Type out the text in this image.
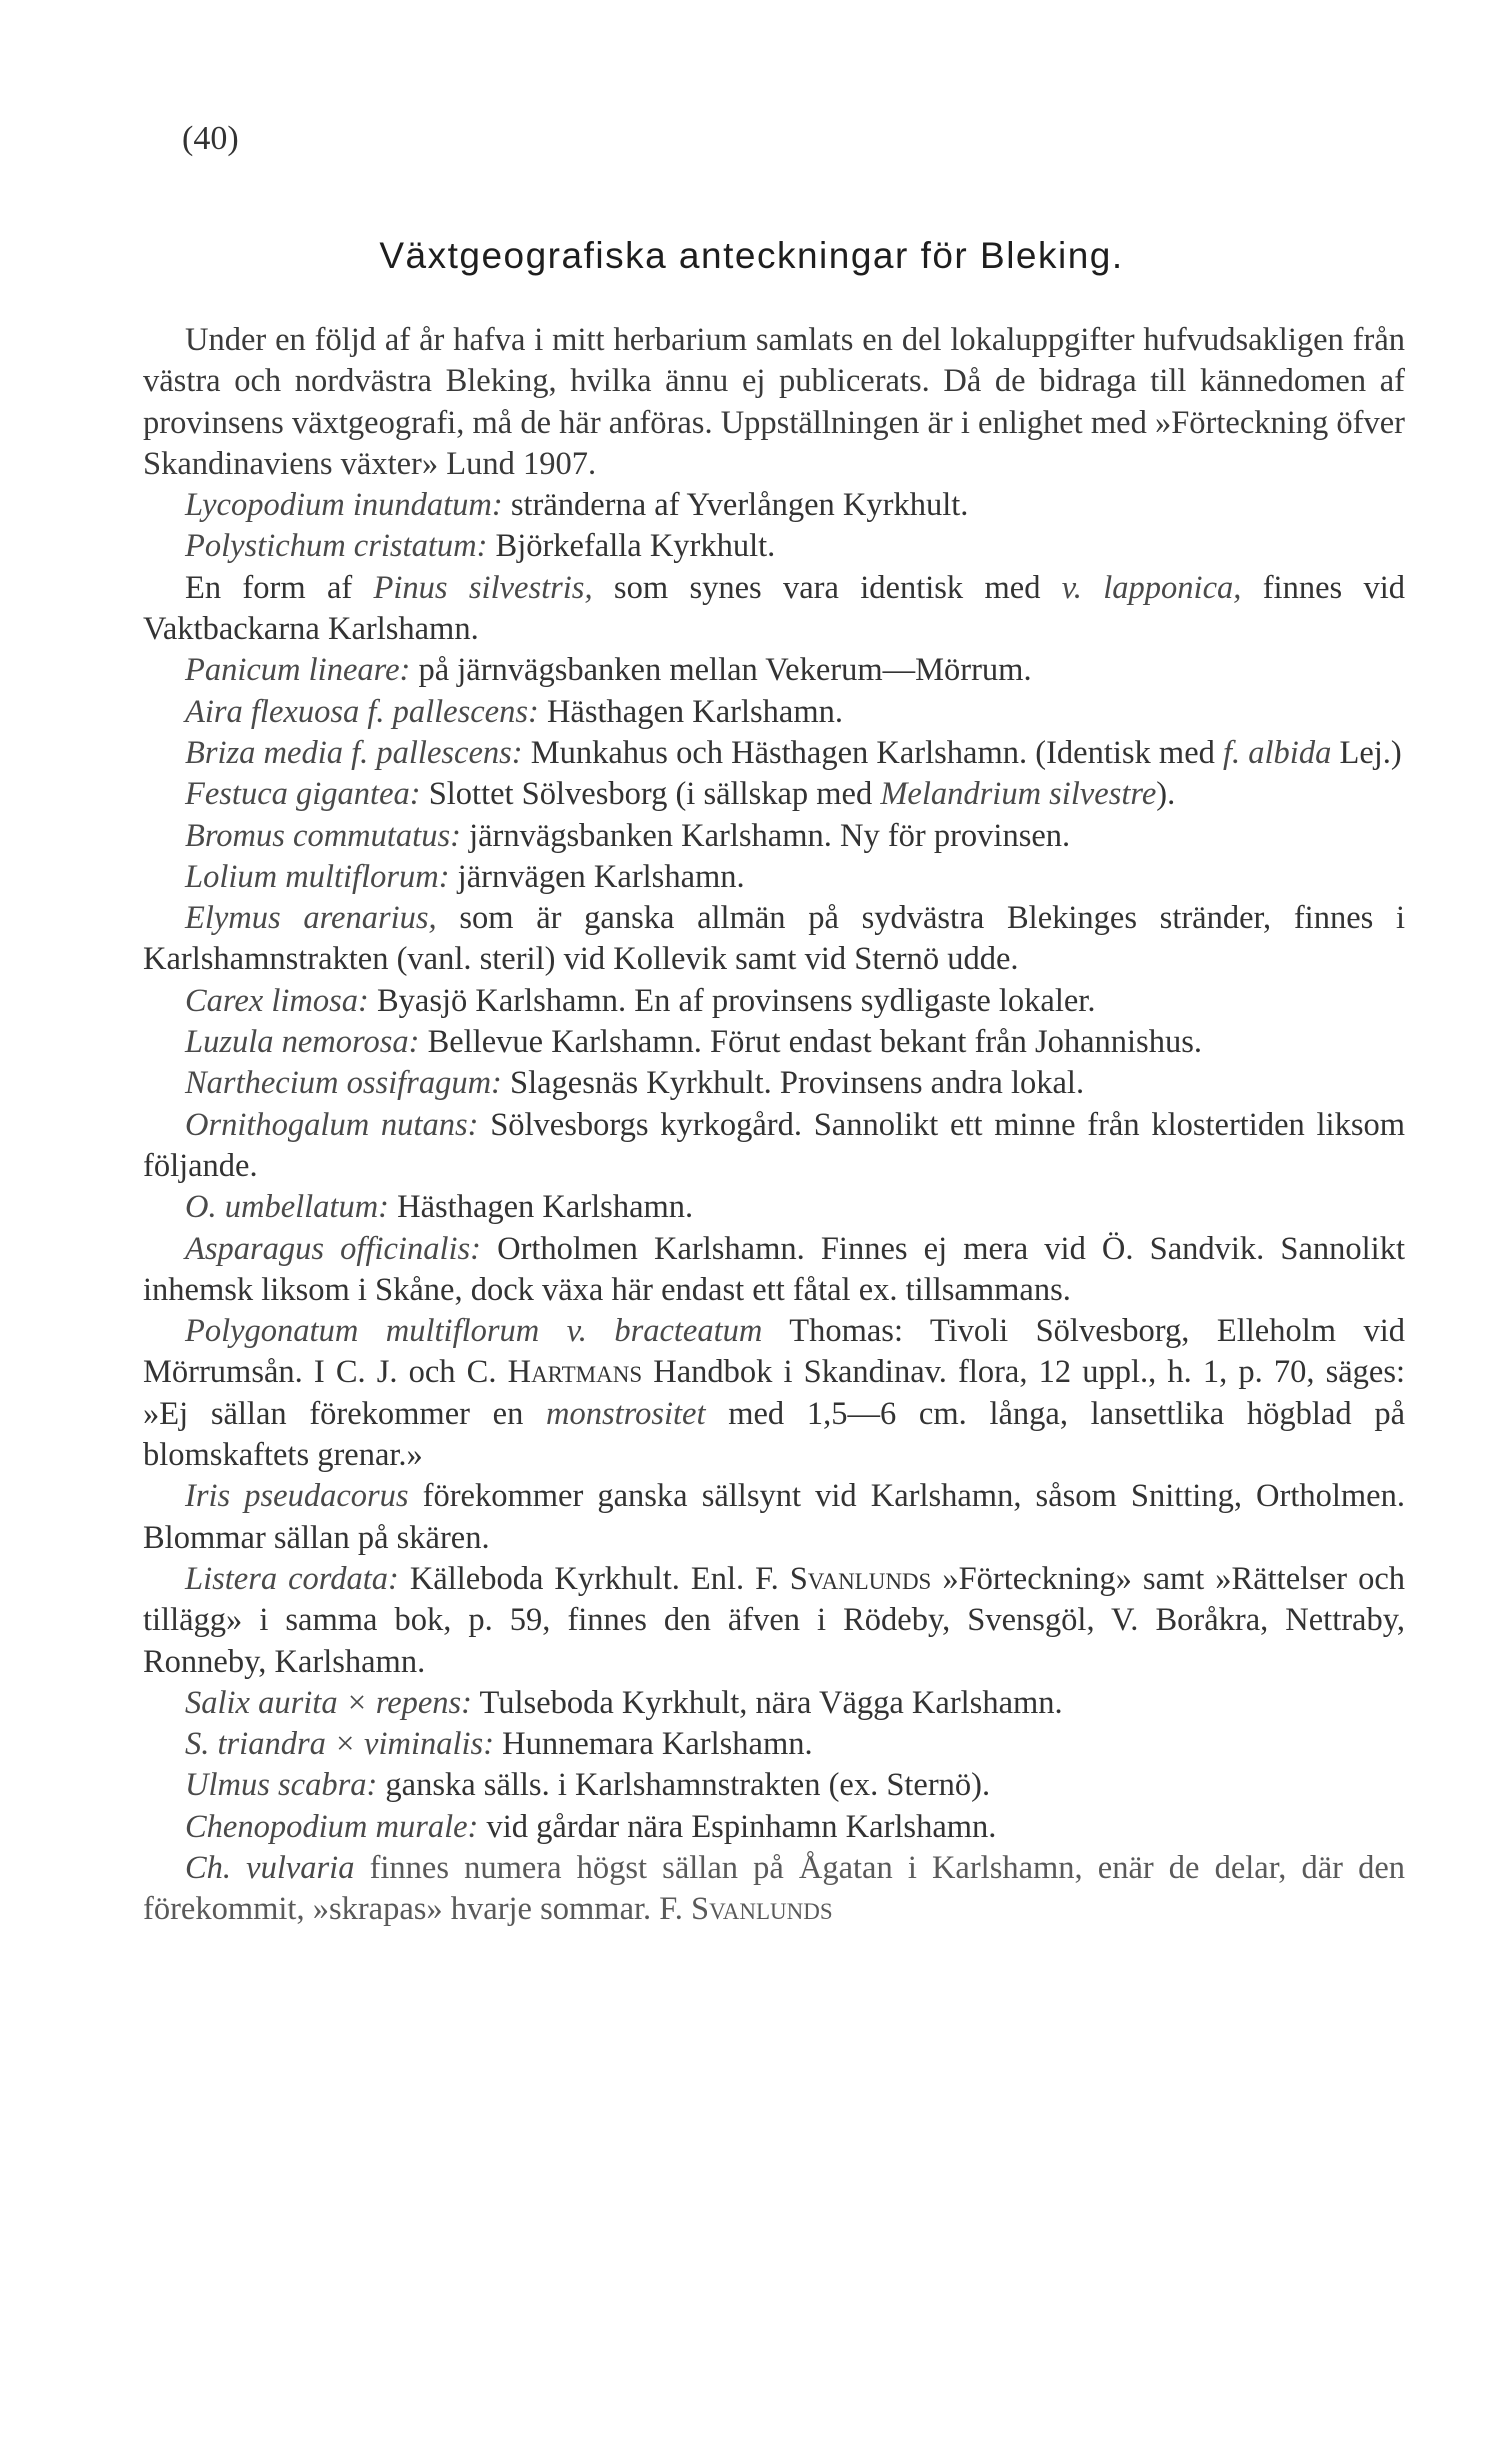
(40)
Växtgeografiska anteckningar för Bleking.

Under en följd af år hafva i mitt herbarium samlats en del lokaluppgifter hufvudsakligen från västra och nordvästra Bleking, hvilka ännu ej publicerats. Då de bidraga till kännedomen af provinsens växtgeografi, må de här anföras. Uppställningen är i enlighet med »Förteckning öfver Skandinaviens växter» Lund 1907.

Lycopodium inundatum: stränderna af Yverlången Kyrkhult.

Polystichum cristatum: Björkefalla Kyrkhult.

En form af Pinus silvestris, som synes vara identisk med v. lapponica, finnes vid Vaktbackarna Karlshamn.

Panicum lineare: på järnvägsbanken mellan Vekerum—Mörrum.

Aira flexuosa f. pallescens: Hästhagen Karlshamn.

Briza media f. pallescens: Munkahus och Hästhagen Karlshamn. (Identisk med f. albida Lej.)

Festuca gigantea: Slottet Sölvesborg (i sällskap med Melandrium silvestre).

Bromus commutatus: järnvägsbanken Karlshamn. Ny för provinsen.

Lolium multiflorum: järnvägen Karlshamn.

Elymus arenarius, som är ganska allmän på sydvästra Blekinges stränder, finnes i Karlshamnstrakten (vanl. steril) vid Kollevik samt vid Sternö udde.

Carex limosa: Byasjö Karlshamn. En af provinsens sydligaste lokaler.

Luzula nemorosa: Bellevue Karlshamn. Förut endast bekant från Johannishus.

Narthecium ossifragum: Slagesnäs Kyrkhult. Provinsens andra lokal.

Ornithogalum nutans: Sölvesborgs kyrkogård. Sannolikt ett minne från klostertiden liksom följande.

O. umbellatum: Hästhagen Karlshamn.

Asparagus officinalis: Ortholmen Karlshamn. Finnes ej mera vid Ö. Sandvik. Sannolikt inhemsk liksom i Skåne, dock växa här endast ett fåtal ex. tillsammans.

Polygonatum multiflorum v. bracteatum Thomas: Tivoli Sölvesborg, Elleholm vid Mörrumsån. I C. J. och C. Hartmans Handbok i Skandinav. flora, 12 uppl., h. 1, p. 70, säges: »Ej sällan förekommer en monstrositet med 1,5—6 cm. långa, lansettlika högblad på blomskaftets grenar.»

Iris pseudacorus förekommer ganska sällsynt vid Karlshamn, såsom Snitting, Ortholmen. Blommar sällan på skären.

Listera cordata: Källeboda Kyrkhult. Enl. F. Svanlunds »Förteckning» samt »Rättelser och tillägg» i samma bok, p. 59, finnes den äfven i Rödeby, Svensgöl, V. Boråkra, Nettraby, Ronneby, Karlshamn.

Salix aurita × repens: Tulseboda Kyrkhult, nära Vägga Karlshamn.

S. triandra × viminalis: Hunnemara Karlshamn.

Ulmus scabra: ganska sälls. i Karlshamnstrakten (ex. Sternö).

Chenopodium murale: vid gårdar nära Espinhamn Karlshamn.

Ch. vulvaria finnes numera högst sällan på Ågatan i Karlshamn, enär de delar, där den förekommit, »skrapas» hvarje sommar. F. Svanlunds
